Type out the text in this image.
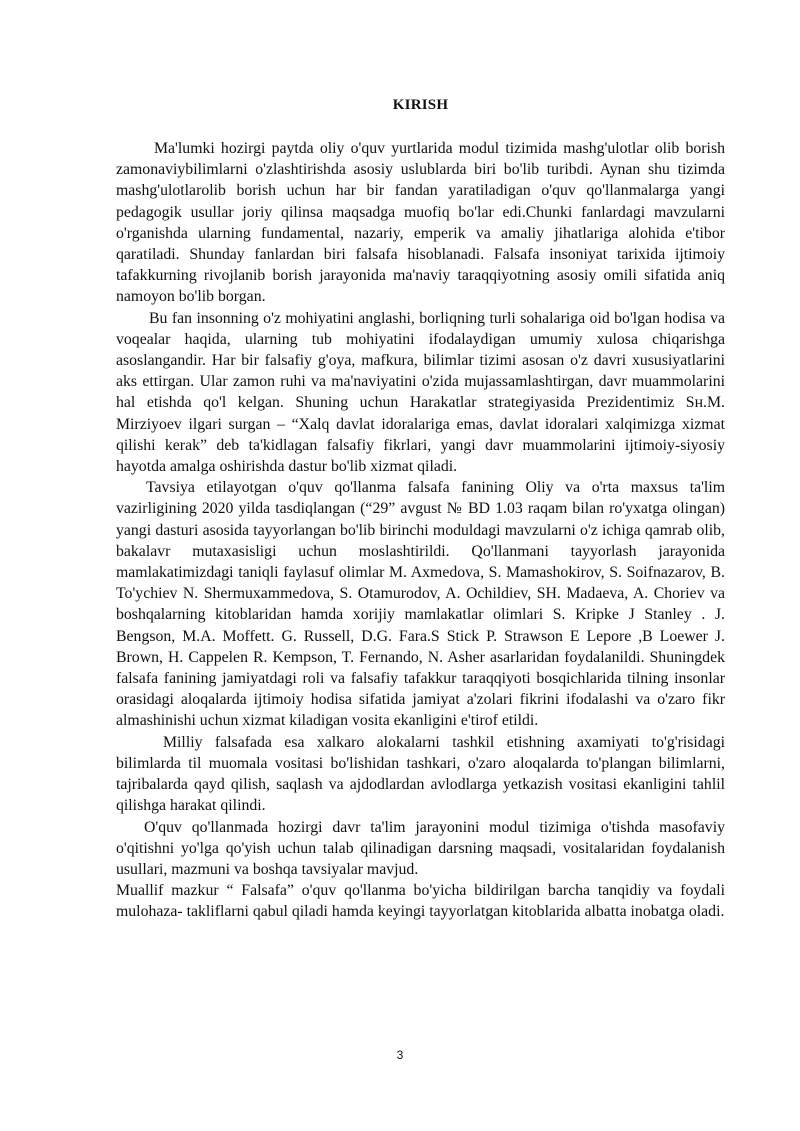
KIRISH

Ma'lumki hozirgi paytda oliy o'quv yurtlarida modul tizimida mashg'ulotlar olib borish zamonaviybilimlarni o'zlashtirishda asosiy uslublarda biri bo'lib turibdi. Aynan shu tizimda mashg'ulotlarolib borish uchun har bir fandan yaratiladigan o'quv qo'llanmalarga yangi pedagogik usullar joriy qilinsa maqsadga muofiq bo'lar edi.Chunki fanlardagi mavzularni o'rganishda ularning fundamental, nazariy, emperik va amaliy jihatlariga alohida e'tibor qaratiladi. Shunday fanlardan biri falsafa hisoblanadi. Falsafa insoniyat tarixida ijtimoiy tafakkurning rivojlanib borish jarayonida ma'naviy taraqqiyotning asosiy omili sifatida aniq namoyon bo'lib borgan.

Bu fan insonning o'z mohiyatini anglashi, borliqning turli sohalariga oid bo'lgan hodisa va voqealar haqida, ularning tub mohiyatini ifodalaydigan umumiy xulosa chiqarishga asoslangandir. Har bir falsafiy g'oya, mafkura, bilimlar tizimi asosan o'z davri xususiyatlarini aks ettirgan. Ular zamon ruhi va ma'naviyatini o'zida mujassamlashtirgan, davr muammolarini hal etishda qo'l kelgan. Shuning uchun Harakatlar strategiyasida Prezidentimiz Sн.M. Mirziyoev ilgari surgan – “Xalq davlat idoralariga emas, davlat idoralari xalqimizga xizmat qilishi kerak” deb ta'kidlagan falsafiy fikrlari, yangi davr muammolarini ijtimoiy-siyosiy hayotda amalga oshirishda dastur bo'lib xizmat qiladi.

Tavsiya etilayotgan o'quv qo'llanma falsafa fanining Oliy va o'rta maxsus ta'lim vazirligining 2020 yilda tasdiqlangan (“29” avgust № BD 1.03 raqam bilan ro'yxatga olingan) yangi dasturi asosida tayyorlangan bo'lib birinchi moduldagi mavzularni o'z ichiga qamrab olib, bakalavr mutaxasisligi uchun moslashtirildi. Qo'llanmani tayyorlash jarayonida mamlakatimizdagi taniqli faylasuf olimlar M. Axmedova, S. Mamashokirov, S. Soifnazarov, B. To'ychiev N. Shermuxammedova, S. Otamurodov, A. Ochildiev, SH. Madaeva, A. Choriev va boshqalarning kitoblaridan hamda xorijiy mamlakatlar olimlari S. Kripke J Stanley . J. Bengson, M.A. Moffett. G. Russell, D.G. Fara.S Stick P. Strawson E Lepore ,B Loewer J. Brown, H. Cappelen R. Kempson, T. Fernando, N. Asher asarlaridan foydalanildi. Shuningdek falsafa fanining jamiyatdagi roli va falsafiy tafakkur taraqqiyoti bosqichlarida tilning insonlar orasidagi aloqalarda ijtimoiy hodisa sifatida jamiyat a'zolari fikrini ifodalashi va o'zaro fikr almashinishi uchun xizmat kiladigan vosita ekanligini e'tirof etildi.

Milliy falsafada esa xalkaro alokalarni tashkil etishning axamiyati to'g'risidagi bilimlarda til muomala vositasi bo'lishidan tashkari, o'zaro aloqalarda to'plangan bilimlarni, tajribalarda qayd qilish, saqlash va ajdodlardan avlodlarga yetkazish vositasi ekanligini tahlil qilishga harakat qilindi.

O'quv qo'llanmada hozirgi davr ta'lim jarayonini modul tizimiga o'tishda masofaviy o'qitishni yo'lga qo'yish uchun talab qilinadigan darsning maqsadi, vositalaridan foydalanish usullari, mazmuni va boshqa tavsiyalar mavjud.

Muallif mazkur “ Falsafa” o'quv qo'llanma bo'yicha bildirilgan barcha tanqidiy va foydali mulohaza- takliflarni qabul qiladi hamda keyingi tayyorlatgan kitoblarida albatta inobatga oladi.

3
